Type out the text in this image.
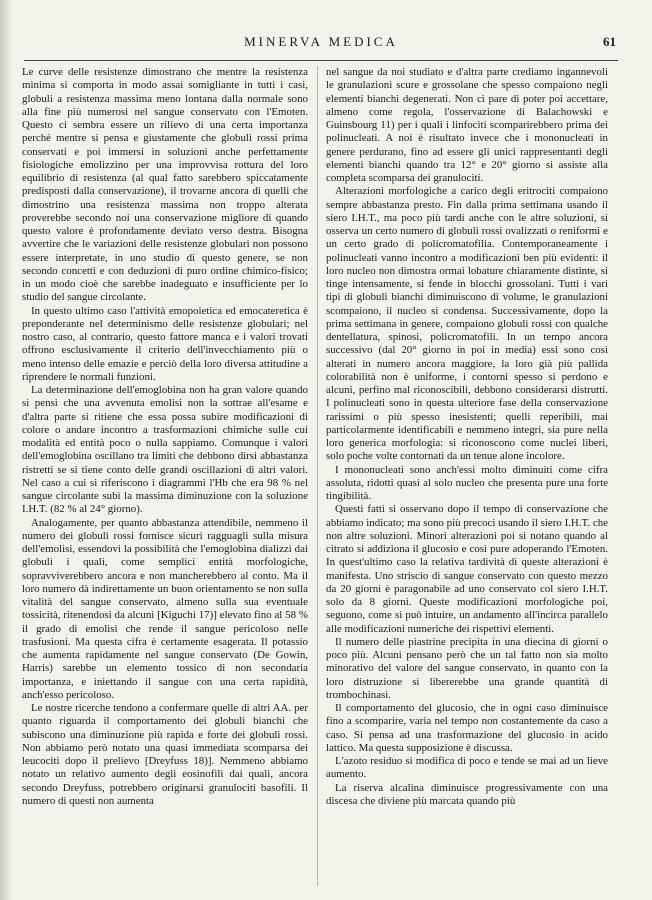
MINERVA MEDICA	61

Le curve delle resistenze dimostrano che mentre la resistenza minima si comporta in modo assai somigliante in tutti i casi, globuli a resistenza massima meno lontana dalla normale sono alla fine più numerosi nel sangue conservato con l'Emoten. Questo ci sembra essere un rilievo di una certa importanza perchè mentre si pensa e giustamente che globuli rossi prima conservati e poi immersi in soluzioni anche perfettamente fisiologiche emolizzino per una improvvisa rottura del loro equilibrio di resistenza (al qual fatto sarebbero spiccatamente predisposti dalla conservazione), il trovarne ancora di quelli che dimostrino una resistenza massima non troppo alterata proverebbe secondo noi una conservazione migliore di quando questo valore è profondamente deviato verso destra. Bisogna avvertire che le variazioni delle resistenze globulari non possono essere interpretate, in uno studio di questo genere, se non secondo concetti e con deduzioni di puro ordine chimico-fisico; in un modo cioè che sarebbe inadeguato e insufficiente per lo studio del sangue circolante.

In questo ultimo caso l'attività emopoietica ed emocateretica è preponderante nel determinismo delle resistenze globulari; nel nostro caso, al contrario, questo fattore manca e i valori trovati offrono esclusivamente il criterio dell'invecchiamento più o meno intenso delle emazie e perciò della loro diversa attitudine a riprendere le normali funzioni.

La determinazione dell'emoglobina non ha gran valore quando si pensi che una avvenuta emolisi non la sottrae all'esame e d'altra parte si ritiene che essa possa subire modificazioni di colore o andare incontro a trasformazioni chimiche sulle cui modalità ed entità poco o nulla sappiamo. Comunque i valori dell'emoglobina oscillano tra limiti che debbono dirsi abbastanza ristretti se si tiene conto delle grandi oscillazioni di altri valori. Nel caso a cui si riferiscono i diagrammi l'Hb che era 98 % nel sangue circolante subì la massima diminuzione con la soluzione I.H.T. (82 % al 24° giorno).

Analogamente, per quanto abbastanza attendibile, nemmeno il numero dei globuli rossi fornisce sicuri ragguagli sulla misura dell'emolisi, essendovi la possibilità che l'emoglobina dializzi dai globuli i quali, come semplici entità morfologiche, sopravviverebbero ancora e non mancherebbero al conto. Ma il loro numero dà indirettamente un buon orientamento se non sulla vitalità del sangue conservato, almeno sulla sua eventuale tossicità, ritenendosi da alcuni [Kiguchi 17)] elevato fino al 58 % il grado di emolisi che rende il sangue pericoloso nelle trasfusioni. Ma questa cifra è certamente esagerata. Il potassio che aumenta rapidamente nel sangue conservato (De Gowin, Harris) sarebbe un elemento tossico di non secondaria importanza, e iniettando il sangue con una certa rapidità, anch'esso pericoloso.

Le nostre ricerche tendono a confermare quelle di altri AA. per quanto riguarda il comportamento dei globuli bianchi che subiscono una diminuzione più rapida e forte dei globuli rossi. Non abbiamo però notato una quasi immediata scomparsa dei leucociti dopo il prelievo [Dreyfuss 18)]. Nemmeno abbiamo notato un relativo aumento degli eosinofili dai quali, ancora secondo Dreyfuss, potrebbero originarsi granulociti basofili. Il numero di questi non aumenta

nel sangue da noi studiato e d'altra parte crediamo ingannevoli le granulazioni scure e grossolane che spesso compaiono negli elementi bianchi degenerati. Non ci pare di poter poi accettare, almeno come regola, l'osservazione di Balachowski e Guinsbourg 11) per i quali i linfociti scomparirebbero prima dei polinucleati. A noi è risultato invece che i mononucleati in genere perdurano, fino ad essere gli unici rappresentanti degli elementi bianchi quando tra 12° e 20° giorno si assiste alla completa scomparsa dei granulociti.

Alterazioni morfologiche a carico degli eritrociti compaiono sempre abbastanza presto. Fin dalla prima settimana usando il siero I.H.T., ma poco più tardi anche con le altre soluzioni, si osserva un certo numero di globuli rossi ovalizzati o reniformi e un certo grado di policromatofilia. Contemporaneamente i polinucleati vanno incontro a modificazioni ben più evidenti: il loro nucleo non dimostra ormai lobature chiaramente distinte, si tinge intensamente, si fende in blocchi grossolani. Tutti i vari tipi di globuli bianchi diminuiscono di volume, le granulazioni scompaiono, il nucleo si condensa. Successivamente, dopo la prima settimana in genere, compaiono globuli rossi con qualche dentellatura, spinosi, policromatofili. In un tempo ancora successivo (dal 20° giorno in poi in media) essi sono così alterati in numero ancora maggiore, la loro già più pallida colorabilità non è uniforme, i contorni spesso si perdono e alcuni, perfino mal riconoscibili, debbono considerarsi distrutti. I polinucleati sono in questa ulteriore fase della conservazione rarissimi o più spesso inesistenti; quelli reperibili, mai particolarmente identificabili e nemmeno integri, sia pure nella loro generica morfologia: si riconoscono come nuclei liberi, solo poche volte contornati da un tenue alone incolore.

I mononucleati sono anch'essi molto diminuiti come cifra assoluta, ridotti quasi al solo nucleo che presenta pure una forte tingibilità.

Questi fatti si osservano dopo il tempo di conservazione che abbiamo indicato; ma sono più precoci usando il siero I.H.T. che non altre soluzioni. Minori alterazioni poi si notano quando al citrato si addiziona il glucosio e così pure adoperando l'Emoten. In quest'ultimo caso la relativa tardività di queste alterazioni è manifesta. Uno striscio di sangue conservato con questo mezzo da 20 giorni è paragonabile ad uno conservato col siero I.H.T. solo da 8 giorni. Queste modificazioni morfologiche poi, seguono, come si può intuire, un andamento all'incirca parallelo alle modificazioni numeriche dei rispettivi elementi.

Il numero delle piastrine precipita in una diecina di giorni o poco più. Alcuni pensano però che un tal fatto non sia molto minorativo del valore del sangue conservato, in quanto con la loro distruzione si libererebbe una grande quantità di trombochinasi.

Il comportamento del glucosio, che in ogni caso diminuisce fino a scomparire, varia nel tempo non costantemente da caso a caso. Si pensa ad una trasformazione del glucosio in acido lattico. Ma questa supposizione è discussa.

L'azoto residuo si modifica di poco e tende se mai ad un lieve aumento.

La riserva alcalina diminuisce progressivamente con una discesa che diviene più marcata quando più
